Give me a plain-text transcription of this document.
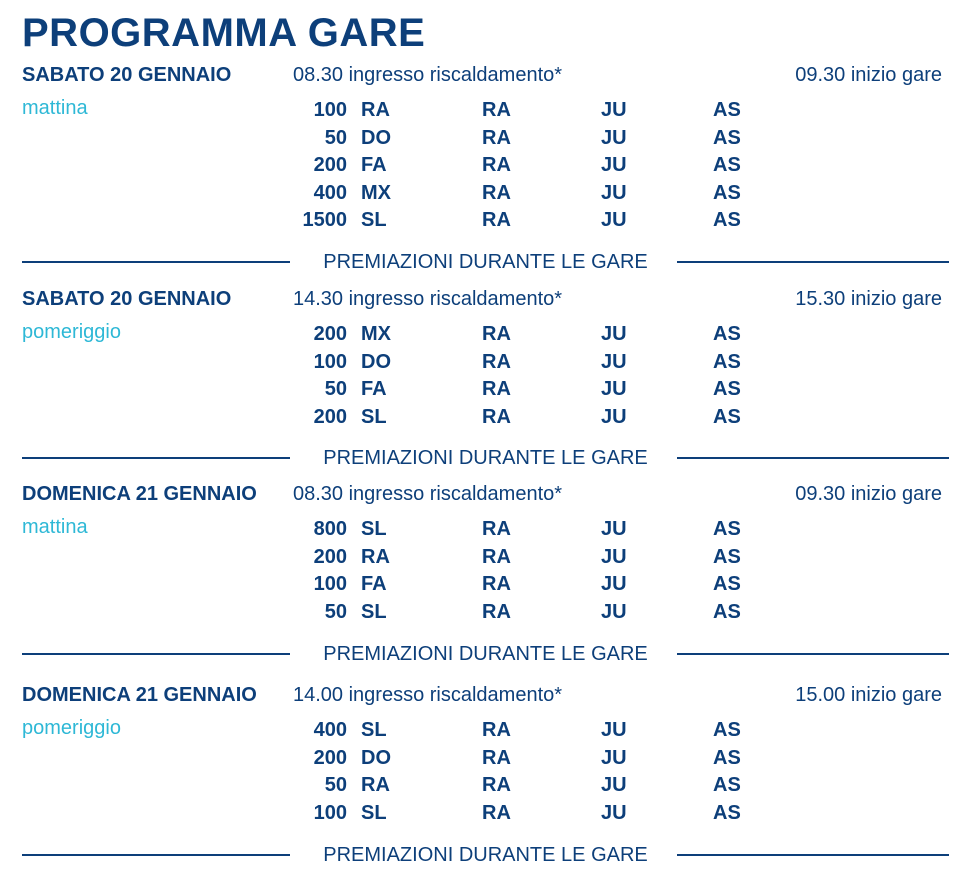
PROGRAMMA GARE
SABATO 20 GENNAIO
mattina
08.30 ingresso riscaldamento*	09.30 inizio gare
100 RA	RA	JU	AS
50 DO	RA	JU	AS
200 FA	RA	JU	AS
400 MX	RA	JU	AS
1500 SL	RA	JU	AS
PREMIAZIONI DURANTE LE GARE
SABATO 20 GENNAIO
pomeriggio
14.30 ingresso riscaldamento*	15.30 inizio gare
200 MX	RA	JU	AS
100 DO	RA	JU	AS
50 FA	RA	JU	AS
200 SL	RA	JU	AS
PREMIAZIONI DURANTE LE GARE
DOMENICA 21 GENNAIO
mattina
08.30 ingresso riscaldamento*	09.30 inizio gare
800 SL	RA	JU	AS
200 RA	RA	JU	AS
100 FA	RA	JU	AS
50 SL	RA	JU	AS
PREMIAZIONI DURANTE LE GARE
DOMENICA 21 GENNAIO
pomeriggio
14.00 ingresso riscaldamento*	15.00 inizio gare
400 SL	RA	JU	AS
200 DO	RA	JU	AS
50 RA	RA	JU	AS
100 SL	RA	JU	AS
PREMIAZIONI DURANTE LE GARE
